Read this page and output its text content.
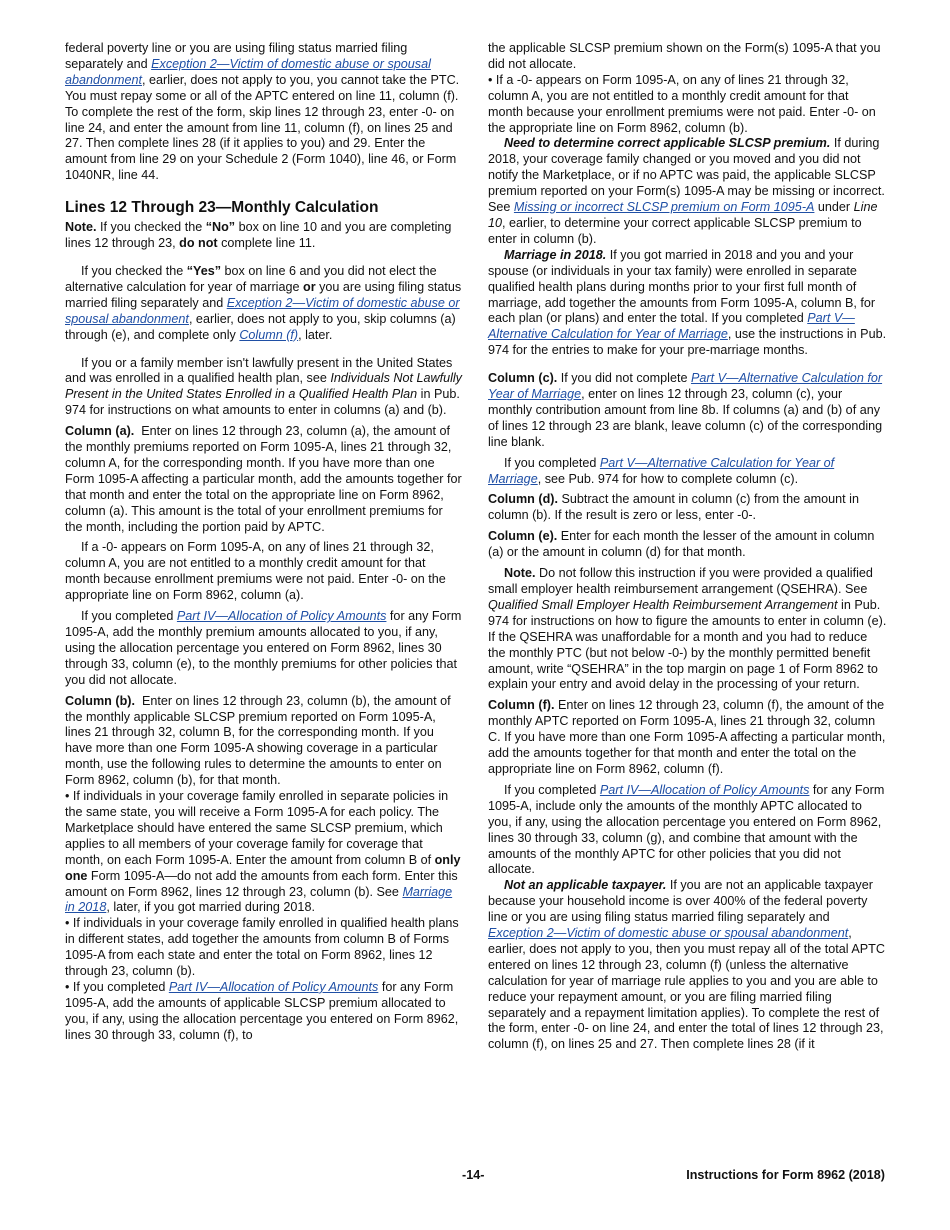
federal poverty line or you are using filing status married filing separately and Exception 2—Victim of domestic abuse or spousal abandonment, earlier, does not apply to you, you cannot take the PTC. You must repay some or all of the APTC entered on line 11, column (f). To complete the rest of the form, skip lines 12 through 23, enter -0- on line 24, and enter the amount from line 11, column (f), on lines 25 and 27. Then complete lines 28 (if it applies to you) and 29. Enter the amount from line 29 on your Schedule 2 (Form 1040), line 46, or Form 1040NR, line 44.

Lines 12 Through 23—Monthly Calculation

Note. If you checked the “No” box on line 10 and you are completing lines 12 through 23, do not complete line 11.

If you checked the “Yes” box on line 6 and you did not elect the alternative calculation for year of marriage or you are using filing status married filing separately and Exception 2—Victim of domestic abuse or spousal abandonment, earlier, does not apply to you, skip columns (a) through (e), and complete only Column (f), later.

If you or a family member isn't lawfully present in the United States and was enrolled in a qualified health plan, see Individuals Not Lawfully Present in the United States Enrolled in a Qualified Health Plan in Pub. 974 for instructions on what amounts to enter in columns (a) and (b).

Column (a). Enter on lines 12 through 23, column (a), the amount of the monthly premiums reported on Form 1095-A, lines 21 through 32, column A, for the corresponding month. If you have more than one Form 1095-A affecting a particular month, add the amounts together for that month and enter the total on the appropriate line on Form 8962, column (a). This amount is the total of your enrollment premiums for the month, including the portion paid by APTC.

If a -0- appears on Form 1095-A, on any of lines 21 through 32, column A, you are not entitled to a monthly credit amount for that month because enrollment premiums were not paid. Enter -0- on the appropriate line on Form 8962, column (a).

If you completed Part IV—Allocation of Policy Amounts for any Form 1095-A, add the monthly premium amounts allocated to you, if any, using the allocation percentage you entered on Form 8962, lines 30 through 33, column (e), to the monthly premiums for other policies that you did not allocate.

Column (b). Enter on lines 12 through 23, column (b), the amount of the monthly applicable SLCSP premium reported on Form 1095-A, lines 21 through 32, column B, for the corresponding month. If you have more than one Form 1095-A showing coverage in a particular month, use the following rules to determine the amounts to enter on Form 8962, column (b), for that month.

• If individuals in your coverage family enrolled in separate policies in the same state, you will receive a Form 1095-A for each policy. The Marketplace should have entered the same SLCSP premium, which applies to all members of your coverage family for coverage that month, on each Form 1095-A. Enter the amount from column B of only one Form 1095-A—do not add the amounts from each form. Enter this amount on Form 8962, lines 12 through 23, column (b). See Marriage in 2018, later, if you got married during 2018.

• If individuals in your coverage family enrolled in qualified health plans in different states, add together the amounts from column B of Forms 1095-A from each state and enter the total on Form 8962, lines 12 through 23, column (b).

• If you completed Part IV—Allocation of Policy Amounts for any Form 1095-A, add the amounts of applicable SLCSP premium allocated to you, if any, using the allocation percentage you entered on Form 8962, lines 30 through 33, column (f), to

the applicable SLCSP premium shown on the Form(s) 1095-A that you did not allocate.

• If a -0- appears on Form 1095-A, on any of lines 21 through 32, column A, you are not entitled to a monthly credit amount for that month because your enrollment premiums were not paid. Enter -0- on the appropriate line on Form 8962, column (b).

Need to determine correct applicable SLCSP premium. If during 2018, your coverage family changed or you moved and you did not notify the Marketplace, or if no APTC was paid, the applicable SLCSP premium reported on your Form(s) 1095-A may be missing or incorrect. See Missing or incorrect SLCSP premium on Form 1095-A under Line 10, earlier, to determine your correct applicable SLCSP premium to enter in column (b).

Marriage in 2018. If you got married in 2018 and you and your spouse (or individuals in your tax family) were enrolled in separate qualified health plans during months prior to your first full month of marriage, add together the amounts from Form 1095-A, column B, for each plan (or plans) and enter the total. If you completed Part V—Alternative Calculation for Year of Marriage, use the instructions in Pub. 974 for the entries to make for your pre-marriage months.

Column (c). If you did not complete Part V—Alternative Calculation for Year of Marriage, enter on lines 12 through 23, column (c), your monthly contribution amount from line 8b. If columns (a) and (b) of any of lines 12 through 23 are blank, leave column (c) of the corresponding line blank.

If you completed Part V—Alternative Calculation for Year of Marriage, see Pub. 974 for how to complete column (c).

Column (d). Subtract the amount in column (c) from the amount in column (b). If the result is zero or less, enter -0-.

Column (e). Enter for each month the lesser of the amount in column (a) or the amount in column (d) for that month.

Note. Do not follow this instruction if you were provided a qualified small employer health reimbursement arrangement (QSEHRA). See Qualified Small Employer Health Reimbursement Arrangement in Pub. 974 for instructions on how to figure the amounts to enter in column (e). If the QSEHRA was unaffordable for a month and you had to reduce the monthly PTC (but not below -0-) by the monthly permitted benefit amount, write “QSEHRA” in the top margin on page 1 of Form 8962 to explain your entry and avoid delay in the processing of your return.

Column (f). Enter on lines 12 through 23, column (f), the amount of the monthly APTC reported on Form 1095-A, lines 21 through 32, column C. If you have more than one Form 1095-A affecting a particular month, add the amounts together for that month and enter the total on the appropriate line on Form 8962, column (f).

If you completed Part IV—Allocation of Policy Amounts for any Form 1095-A, include only the amounts of the monthly APTC allocated to you, if any, using the allocation percentage you entered on Form 8962, lines 30 through 33, column (g), and combine that amount with the amounts of the monthly APTC for other policies that you did not allocate.

Not an applicable taxpayer. If you are not an applicable taxpayer because your household income is over 400% of the federal poverty line or you are using filing status married filing separately and Exception 2—Victim of domestic abuse or spousal abandonment, earlier, does not apply to you, then you must repay all of the total APTC entered on lines 12 through 23, column (f) (unless the alternative calculation for year of marriage rule applies to you and you are able to reduce your repayment amount, or you are filing married filing separately and a repayment limitation applies). To complete the rest of the form, enter -0- on line 24, and enter the total of lines 12 through 23, column (f), on lines 25 and 27. Then complete lines 28 (if it

-14-	Instructions for Form 8962 (2018)
